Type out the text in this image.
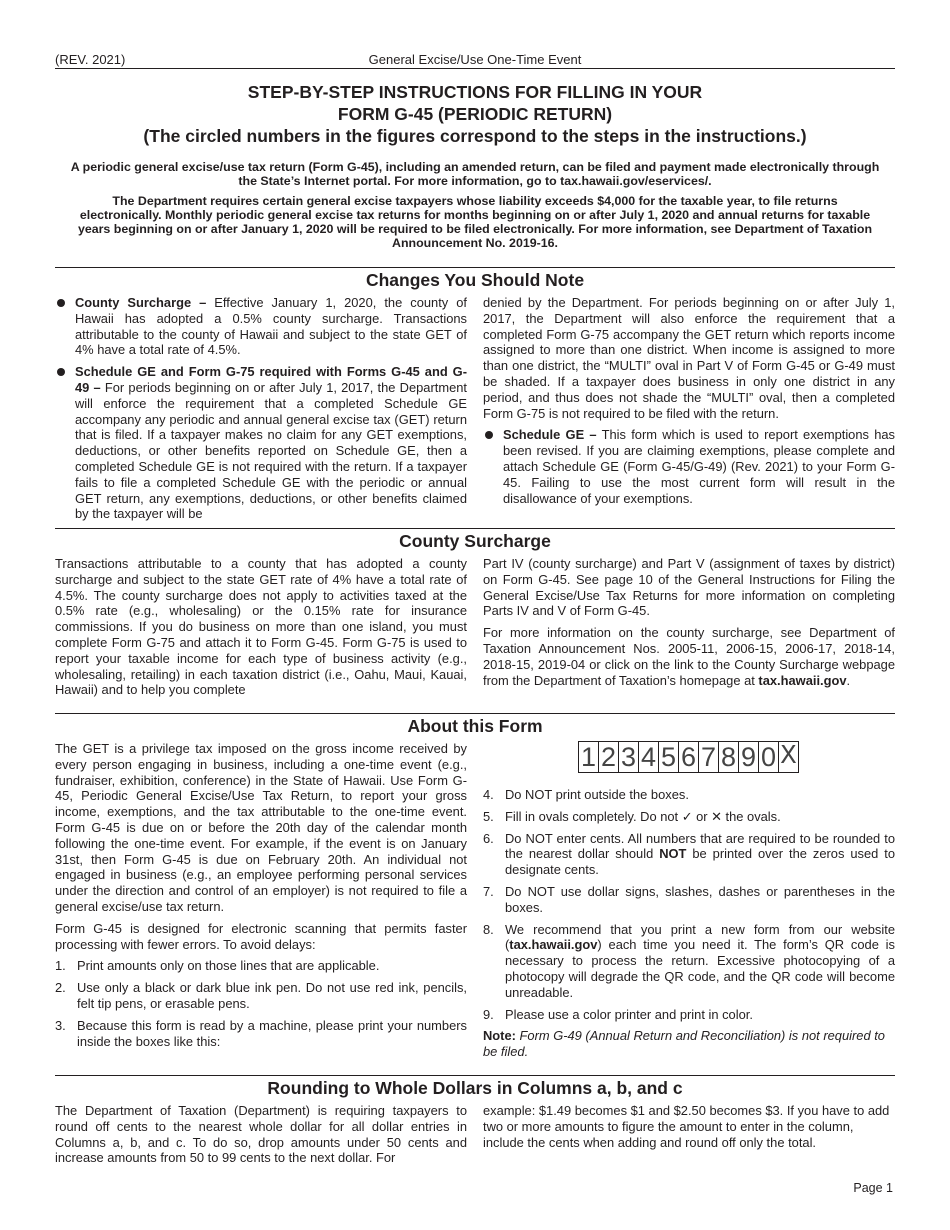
(REV. 2021)	General Excise/Use One-Time Event
STEP-BY-STEP INSTRUCTIONS FOR FILLING IN YOUR
FORM G-45 (PERIODIC RETURN)
(The circled numbers in the figures correspond to the steps in the instructions.)

A periodic general excise/use tax return (Form G-45), including an amended return, can be filed and payment made electronically through the State’s Internet portal. For more information, go to tax.hawaii.gov/eservices/.

The Department requires certain general excise taxpayers whose liability exceeds $4,000 for the taxable year, to file returns electronically. Monthly periodic general excise tax returns for months beginning on or after July 1, 2020 and annual returns for taxable years beginning on or after January 1, 2020 will be required to be filed electronically. For more information, see Department of Taxation Announcement No. 2019-16.

Changes You Should Note
County Surcharge – Effective January 1, 2020, the county of Hawaii has adopted a 0.5% county surcharge. Transactions attributable to the county of Hawaii and subject to the state GET of 4% have a total rate of 4.5%.
Schedule GE and Form G-75 required with Forms G-45 and G-49 – For periods beginning on or after July 1, 2017, the Department will enforce the requirement that a completed Schedule GE accompany any periodic and annual general excise tax (GET) return that is filed. If a taxpayer makes no claim for any GET exemptions, deductions, or other benefits reported on Schedule GE, then a completed Schedule GE is not required with the return. If a taxpayer fails to file a completed Schedule GE with the periodic or annual GET return, any exemptions, deductions, or other benefits claimed by the taxpayer will be

denied by the Department. For periods beginning on or after July 1, 2017, the Department will also enforce the requirement that a completed Form G-75 accompany the GET return which reports income assigned to more than one district. When income is assigned to more than one district, the “MULTI” oval in Part V of Form G-45 or G-49 must be shaded. If a taxpayer does business in only one district in any period, and thus does not shade the “MULTI” oval, then a completed Form G-75 is not required to be filed with the return.

Schedule GE – This form which is used to report exemptions has been revised. If you are claiming exemptions, please complete and attach Schedule GE (Form G-45/G-49) (Rev. 2021) to your Form G-45. Failing to use the most current form will result in the disallowance of your exemptions.
County Surcharge

Transactions attributable to a county that has adopted a county surcharge and subject to the state GET rate of 4% have a total rate of 4.5%. The county surcharge does not apply to activities taxed at the 0.5% rate (e.g., wholesaling) or the 0.15% rate for insurance commissions. If you do business on more than one island, you must complete Form G-75 and attach it to Form G-45. Form G-75 is used to report your taxable income for each type of business activity (e.g., wholesaling, retailing) in each taxation district (i.e., Oahu, Maui, Kauai, Hawaii) and to help you complete

Part IV (county surcharge) and Part V (assignment of taxes by district) on Form G-45. See page 10 of the General Instructions for Filing the General Excise/Use Tax Returns for more information on completing Parts IV and V of Form G-45.

For more information on the county surcharge, see Department of Taxation Announcement Nos. 2005-11, 2006-15, 2006-17, 2018-14, 2018-15, 2019-04 or click on the link to the County Surcharge webpage from the Department of Taxation’s homepage at tax.hawaii.gov.

About this Form

The GET is a privilege tax imposed on the gross income received by every person engaging in business, including a one-time event (e.g., fundraiser, exhibition, conference) in the State of Hawaii. Use Form G-45, Periodic General Excise/Use Tax Return, to report your gross income, exemptions, and the tax attributable to the one-time event. Form G-45 is due on or before the 20th day of the calendar month following the one-time event. For example, if the event is on January 31st, then Form G-45 is due on February 20th. An individual not engaged in business (e.g., an employee performing personal services under the direction and control of an employer) is not required to file a general excise/use tax return.

Form G-45 is designed for electronic scanning that permits faster processing with fewer errors. To avoid delays:

1. Print amounts only on those lines that are applicable.
2. Use only a black or dark blue ink pen. Do not use red ink, pencils, felt tip pens, or erasable pens.
3. Because this form is read by a machine, please print your numbers inside the boxes like this:
1 2 3 4 5 6 7 8 9 0 X
4. Do NOT print outside the boxes.
5. Fill in ovals completely. Do not ✓ or ✕ the ovals.
6. Do NOT enter cents. All numbers that are required to be rounded to the nearest dollar should NOT be printed over the zeros used to designate cents.
7. Do NOT use dollar signs, slashes, dashes or parentheses in the boxes.
8. We recommend that you print a new form from our website (tax.hawaii.gov) each time you need it. The form’s QR code is necessary to process the return. Excessive photocopying of a photocopy will degrade the QR code, and the QR code will become unreadable.
9. Please use a color printer and print in color.

Note: Form G-49 (Annual Return and Reconciliation) is not required to be filed.

Rounding to Whole Dollars in Columns a, b, and c

The Department of Taxation (Department) is requiring taxpayers to round off cents to the nearest whole dollar for all dollar entries in Columns a, b, and c. To do so, drop amounts under 50 cents and increase amounts from 50 to 99 cents to the next dollar. For

example: $1.49 becomes $1 and $2.50 becomes $3. If you have to add two or more amounts to figure the amount to enter in the column, include the cents when adding and round off only the total.

Page 1
